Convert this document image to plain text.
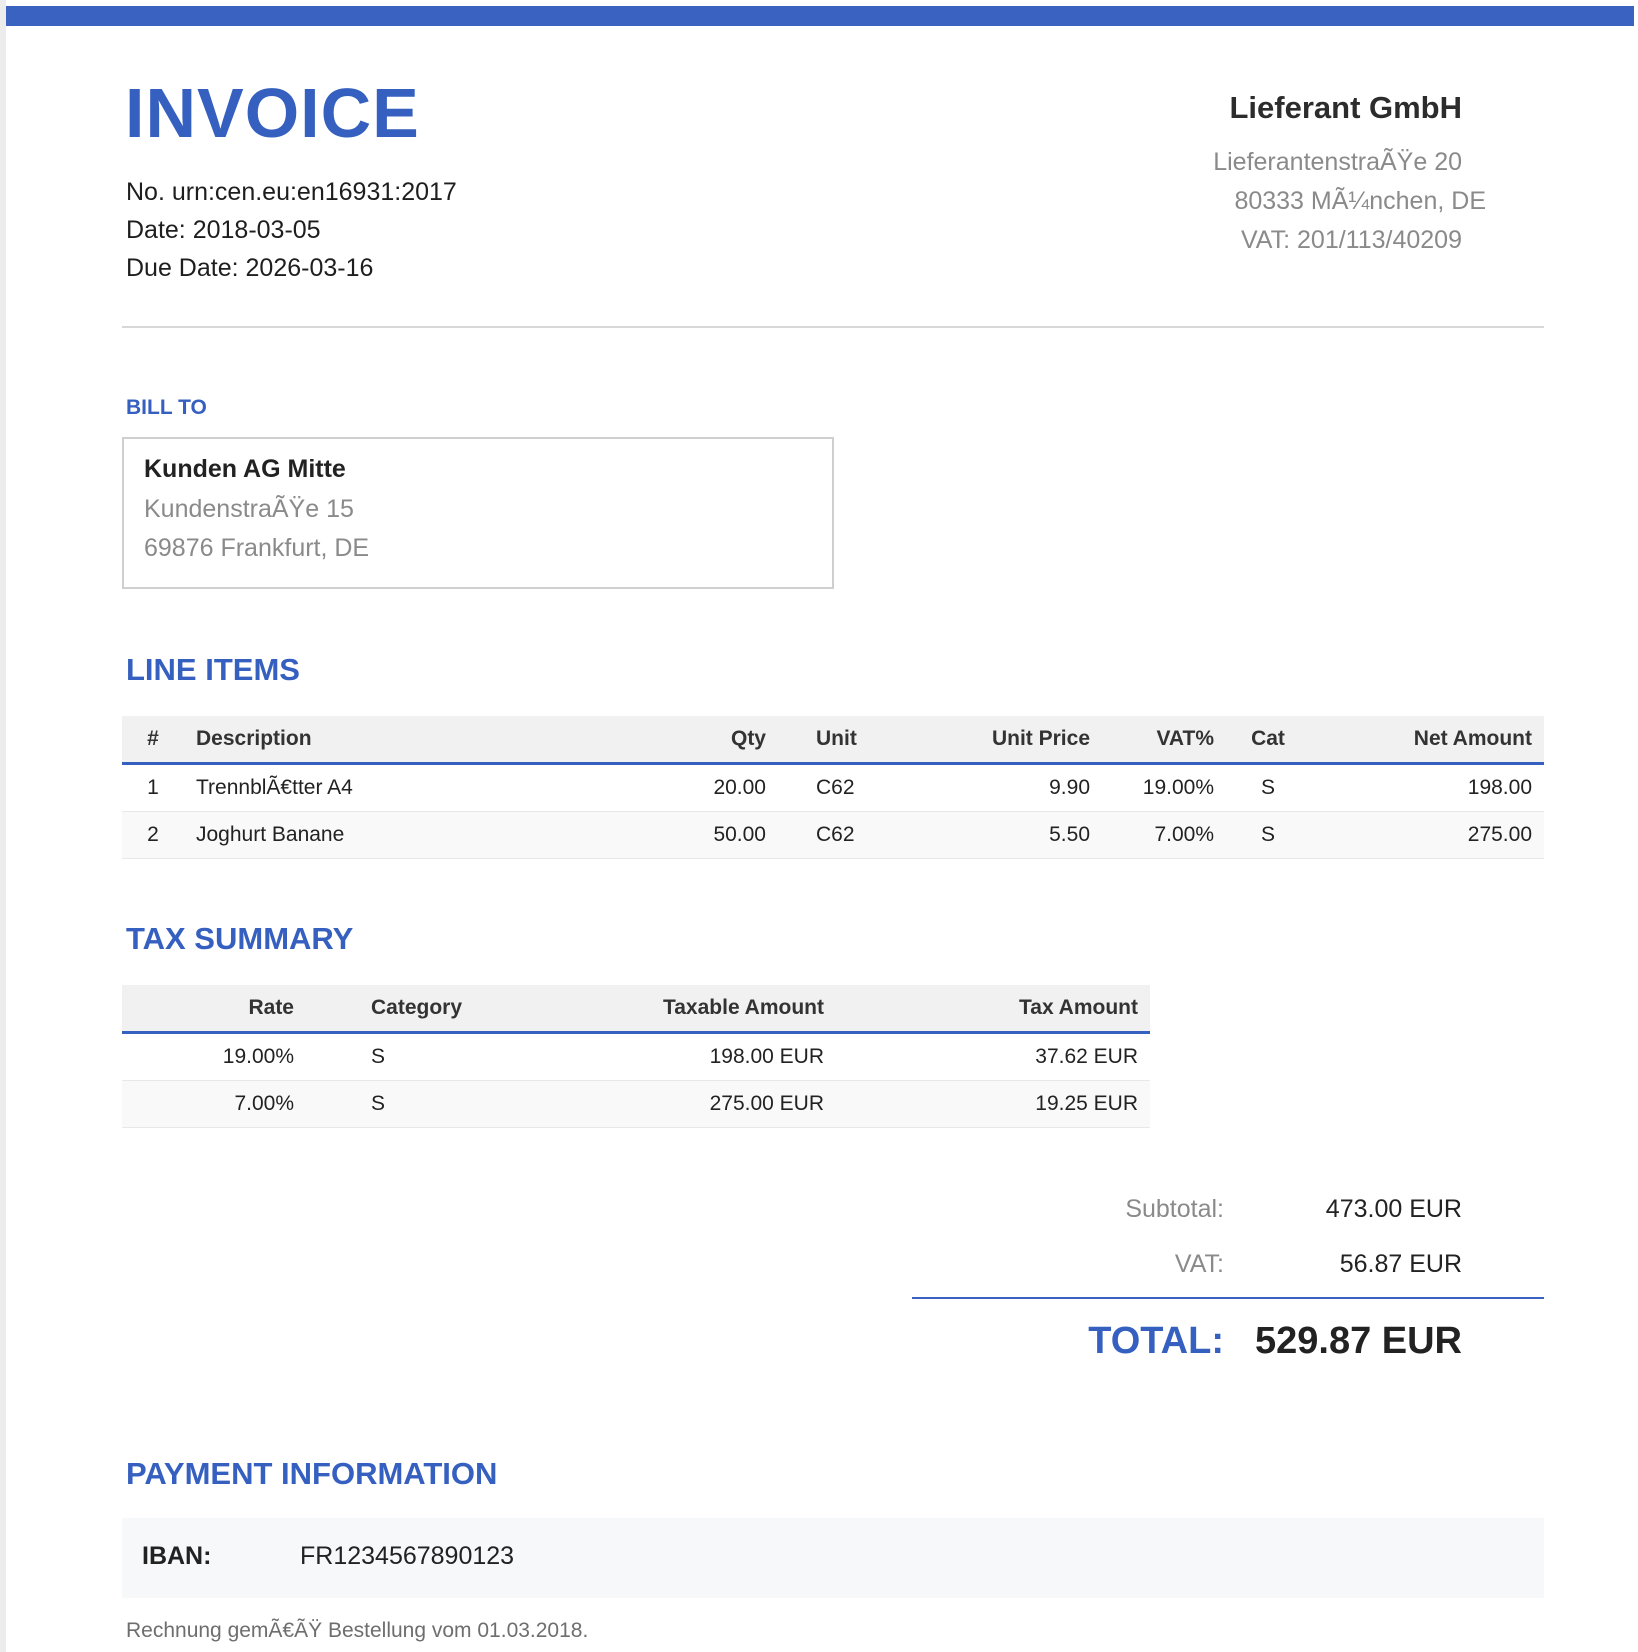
INVOICE
No. urn:cen.eu:en16931:2017
Date: 2018-03-05
Due Date: 2026-03-16
Lieferant GmbH
LieferantenstraÃŸe 20
80333 MÃ¼nchen, DE
VAT: 201/113/40209
BILL TO
Kunden AG Mitte
KundenstraÃŸe 15
69876 Frankfurt, DE
LINE ITEMS
#	Description	Qty	Unit	Unit Price	VAT%	Cat	Net Amount
1	TrennblÃ€tter A4	20.00	C62	9.90	19.00%	S	198.00
2	Joghurt Banane	50.00	C62	5.50	7.00%	S	275.00
TAX SUMMARY
Rate	Category	Taxable Amount	Tax Amount
19.00%	S	198.00 EUR	37.62 EUR
7.00%	S	275.00 EUR	19.25 EUR
Subtotal:	473.00 EUR
VAT:	56.87 EUR
TOTAL: 529.87 EUR
PAYMENT INFORMATION
IBAN:	FR1234567890123
Rechnung gemÃ€ÃŸ Bestellung vom 01.03.2018.
